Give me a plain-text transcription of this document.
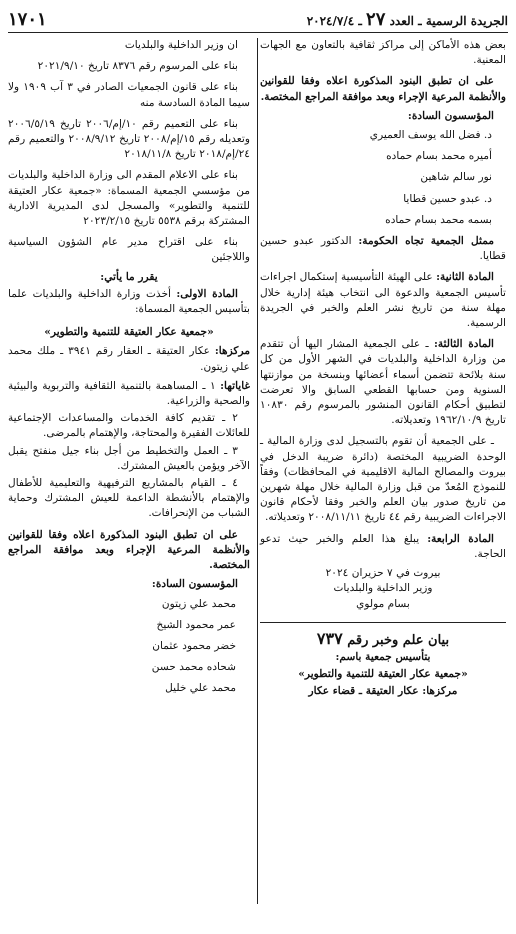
الجريدة الرسمية ـ العدد ٢٧ ـ ٢٠٢٤/٧/٤
١٧٠١

بعض هذه الأماكن إلى مراكز ثقافية بالتعاون مع الجهات المعنية.

على ان تطبق البنود المذكورة اعلاه وفقا للقوانين والأنظمة المرعية الإجراء وبعد موافقة المراجع المختصة.

المؤسسون السادة:

د. فضل الله يوسف العميري

أميره محمد بسام حماده

نور سالم شاهين

د. عبدو حسين قطايا

بسمه محمد بسام حماده

ممثل الجمعية تجاه الحكومة: الدكتور عبدو حسين قطايا.

المادة الثانية: على الهيئة التأسيسية إستكمال اجراءات تأسيس الجمعية والدعوة الى انتخاب هيئة إدارية خلال مهلة سنة من تاريخ نشر العلم والخبر في الجريدة الرسمية.

المادة الثالثة: ـ على الجمعية المشار اليها أن تتقدم من وزارة الداخلية والبلديات في الشهر الأول من كل سنة بلائحة تتضمن أسماء أعضائها وبنسخة من موازنتها السنوية ومن حسابها القطعي السابق والا تعرضت لتطبيق أحكام القانون المنشور بالمرسوم رقم ١٠٨٣٠ تاريخ ١٩٦٢/١٠/٩ وتعديلاته.

ـ على الجمعية أن تقوم بالتسجيل لدى وزارة المالية ـ الوحدة الضريبية المختصة (دائرة ضريبة الدخل في بيروت والمصالح المالية الاقليمية في المحافظات) وفقاً للنموذج المُعدّ من قبل وزارة المالية خلال مهلة شهرين من تاريخ صدور بيان العلم والخبر وفقا لأحكام قانون الاجراءات الضريبية رقم ٤٤ تاريخ ٢٠٠٨/١١/١١ وتعديلاته.

المادة الرابعة: يبلغ هذا العلم والخبر حيث تدعو الحاجة.

بيروت في ٧ حزيران ٢٠٢٤

وزير الداخلية والبلديات

بسام مولوي

بيان علم وخبر رقم ٧٣٧

بتأسيس جمعية باسم:

«جمعية عكار العتيقة للتنمية والتطوير»

مركزها: عكار العتيقة ـ قضاء عكار

ان وزير الداخلية والبلديات

بناء على المرسوم رقم ٨٣٧٦ تاريخ ٢٠٢١/٩/١٠

بناء على قانون الجمعيات الصادر في ٣ آب ١٩٠٩ ولا سيما المادة السادسة منه

بناء على التعميم رقم ١٠/إم/٢٠٠٦ تاريخ ٢٠٠٦/٥/١٩ وتعديله رقم ١٥/إم/٢٠٠٨ تاريخ ٢٠٠٨/٩/١٢ والتعميم رقم ٢٤/إم/٢٠١٨ تاريخ ٢٠١٨/١١/٨

بناء على الاعلام المقدم الى وزارة الداخلية والبلديات من مؤسسي الجمعية المسماة: «جمعية عكار العتيقة للتنمية والتطوير» والمسجل لدى المديرية الادارية المشتركة برقم ٥٥٣٨ تاريخ ٢٠٢٣/٢/١٥

بناء على اقتراح مدير عام الشؤون السياسية واللاجئين

يقرر ما يأتي:

المادة الاولى: أخذت وزارة الداخلية والبلديات علما بتأسيس الجمعية المسماة:

«جمعية عكار العتيقة للتنمية والتطوير»

مركزها: عكار العتيقة ـ العقار رقم ٣٩٤١ ـ ملك محمد علي زيتون.

غاياتها: ١ ـ المساهمة بالتنمية الثقافية والتربوية والبيئية والصحية والزراعية.

٢ ـ تقديم كافة الخدمات والمساعدات الإجتماعية للعائلات الفقيرة والمحتاجة، والإهتمام بالمرضى.

٣ ـ العمل والتخطيط من أجل بناء جيل منفتح يقبل الآخر ويؤمن بالعيش المشترك.

٤ ـ القيام بالمشاريع الترفيهية والتعليمية للأطفال والإهتمام بالأنشطة الداعمة للعيش المشترك وحماية الشباب من الإنحرافات.

على ان تطبق البنود المذكورة اعلاه وفقا للقوانين والأنظمة المرعية الإجراء وبعد موافقة المراجع المختصة.

المؤسسون السادة:

محمد علي زيتون

عمر محمود الشيخ

خضر محمود عثمان

شحاده محمد حسن

محمد علي خليل
